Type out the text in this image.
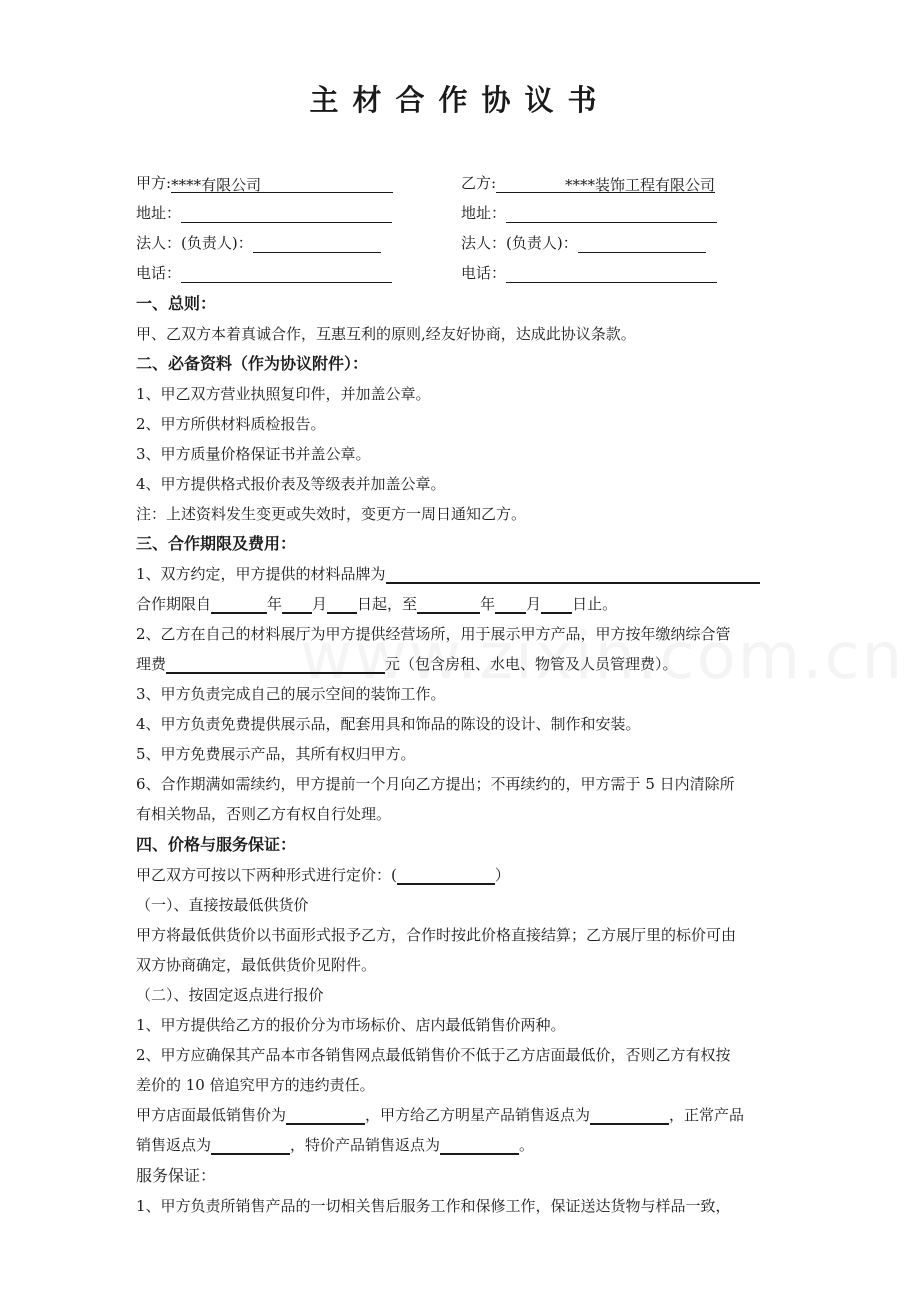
主材合作协议书
甲方:****有限公司	乙方:	****装饰工程有限公司
地址：	地址：
法人：(负责人)：	法人：(负责人)：
电话：	电话：
一、总则：
甲、乙双方本着真诚合作，互惠互利的原则,经友好协商，达成此协议条款。
二、必备资料（作为协议附件）：
1、甲乙双方营业执照复印件，并加盖公章。
2、甲方所供材料质检报告。
3、甲方质量价格保证书并盖公章。
4、甲方提供格式报价表及等级表并加盖公章。
注：上述资料发生变更或失效时，变更方一周日通知乙方。
三、合作期限及费用：
1、双方约定，甲方提供的材料品牌为
合作期限自	年 月 日起，至	年 月 日止。
2、乙方在自己的材料展厅为甲方提供经营场所，用于展示甲方产品，甲方按年缴纳综合管
理费	元（包含房租、水电、物管及人员管理费）。
3、甲方负责完成自己的展示空间的装饰工作。
4、甲方负责免费提供展示品，配套用具和饰品的陈设的设计、制作和安装。
5、甲方免费展示产品，其所有权归甲方。
6、合作期满如需续约，甲方提前一个月向乙方提出；不再续约的，甲方需于 5 日内清除所
有相关物品，否则乙方有权自行处理。
四、价格与服务保证：
甲乙双方可按以下两种形式进行定价：(	）
（一）、直接按最低供货价
甲方将最低供货价以书面形式报予乙方，合作时按此价格直接结算；乙方展厅里的标价可由
双方协商确定，最低供货价见附件。
（二）、按固定返点进行报价
1、甲方提供给乙方的报价分为市场标价、店内最低销售价两种。
2、甲方应确保其产品本市各销售网点最低销售价不低于乙方店面最低价，否则乙方有权按
差价的 10 倍追究甲方的违约责任。
甲方店面最低销售价为	，甲方给乙方明星产品销售返点为	，正常产品
销售返点为	，特价产品销售返点为	。
服务保证：
1、甲方负责所销售产品的一切相关售后服务工作和保修工作，保证送达货物与样品一致，
